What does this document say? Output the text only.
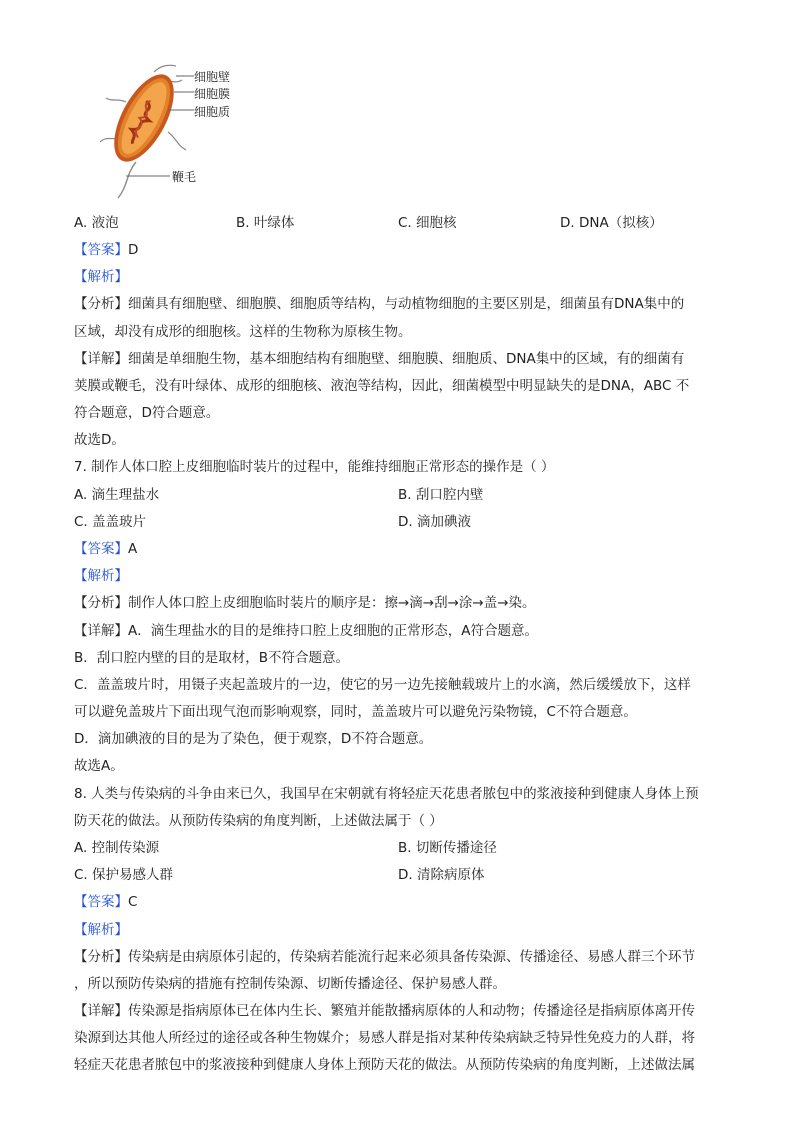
细胞壁
细胞膜
细胞质
鞭毛
A. 液泡	B. 叶绿体	C. 细胞核	D. DNA（拟核）
【答案】D
【解析】
【分析】细菌具有细胞壁、细胞膜、细胞质等结构，与动植物细胞的主要区别是，细菌虽有DNA集中的
区域，却没有成形的细胞核。这样的生物称为原核生物。
【详解】细菌是单细胞生物，基本细胞结构有细胞壁、细胞膜、细胞质、DNA集中的区域，有的细菌有
荚膜或鞭毛，没有叶绿体、成形的细胞核、液泡等结构，因此，细菌模型中明显缺失的是DNA，ABC 不
符合题意，D符合题意。
故选D。
7. 制作人体口腔上皮细胞临时装片的过程中，能维持细胞正常形态的操作是（ ）
A. 滴生理盐水	B. 刮口腔内壁
C. 盖盖玻片	D. 滴加碘液
【答案】A
【解析】
【分析】制作人体口腔上皮细胞临时装片的顺序是：擦→滴→刮→涂→盖→染。
【详解】A．滴生理盐水的目的是维持口腔上皮细胞的正常形态，A符合题意。
B．刮口腔内壁的目的是取材，B不符合题意。
C．盖盖玻片时，用镊子夹起盖玻片的一边，使它的另一边先接触载玻片上的水滴，然后缓缓放下，这样
可以避免盖玻片下面出现气泡而影响观察，同时，盖盖玻片可以避免污染物镜，C不符合题意。
D．滴加碘液的目的是为了染色，便于观察，D不符合题意。
故选A。
8. 人类与传染病的斗争由来已久，我国早在宋朝就有将轻症天花患者脓包中的浆液接种到健康人身体上预
防天花的做法。从预防传染病的角度判断，上述做法属于（ ）
A. 控制传染源	B. 切断传播途径
C. 保护易感人群	D. 清除病原体
【答案】C
【解析】
【分析】传染病是由病原体引起的，传染病若能流行起来必须具备传染源、传播途径、易感人群三个环节
，所以预防传染病的措施有控制传染源、切断传播途径、保护易感人群。
【详解】传染源是指病原体已在体内生长、繁殖并能散播病原体的人和动物；传播途径是指病原体离开传
染源到达其他人所经过的途径或各种生物媒介；易感人群是指对某种传染病缺乏特异性免疫力的人群，将
轻症天花患者脓包中的浆液接种到健康人身体上预防天花的做法。从预防传染病的角度判断，上述做法属
